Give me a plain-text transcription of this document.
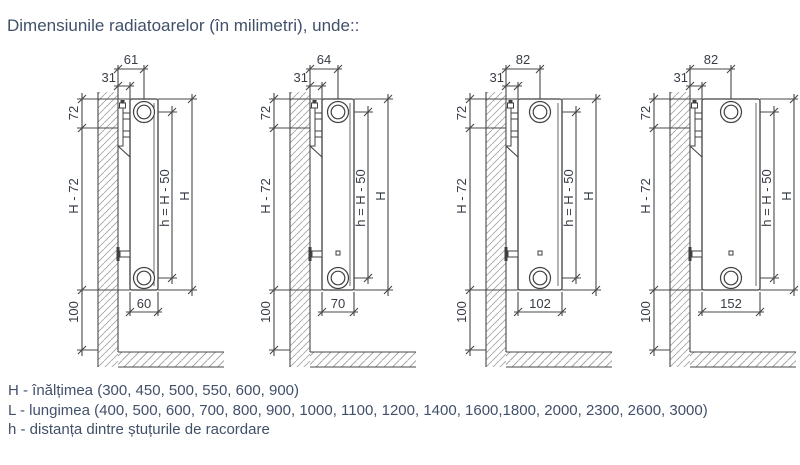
Dimensiunile radiatoarelor (în milimetri), unde::
61
31
72
H - 72
100
h = H - 50 H
60
64
31
72
H - 72
100
h = H - 50 H
70
82
31
72
H - 72
100
h = H - 50 H
102
82
31
72
H - 72
100
h = H - 50 H
152
H - înălțimea (300, 450, 500, 550, 600, 900)
L - lungimea (400, 500, 600, 700, 800, 900, 1000, 1100, 1200, 1400, 1600,1800, 2000, 2300, 2600, 3000)
h - distanța dintre ștuțurile de racordare
